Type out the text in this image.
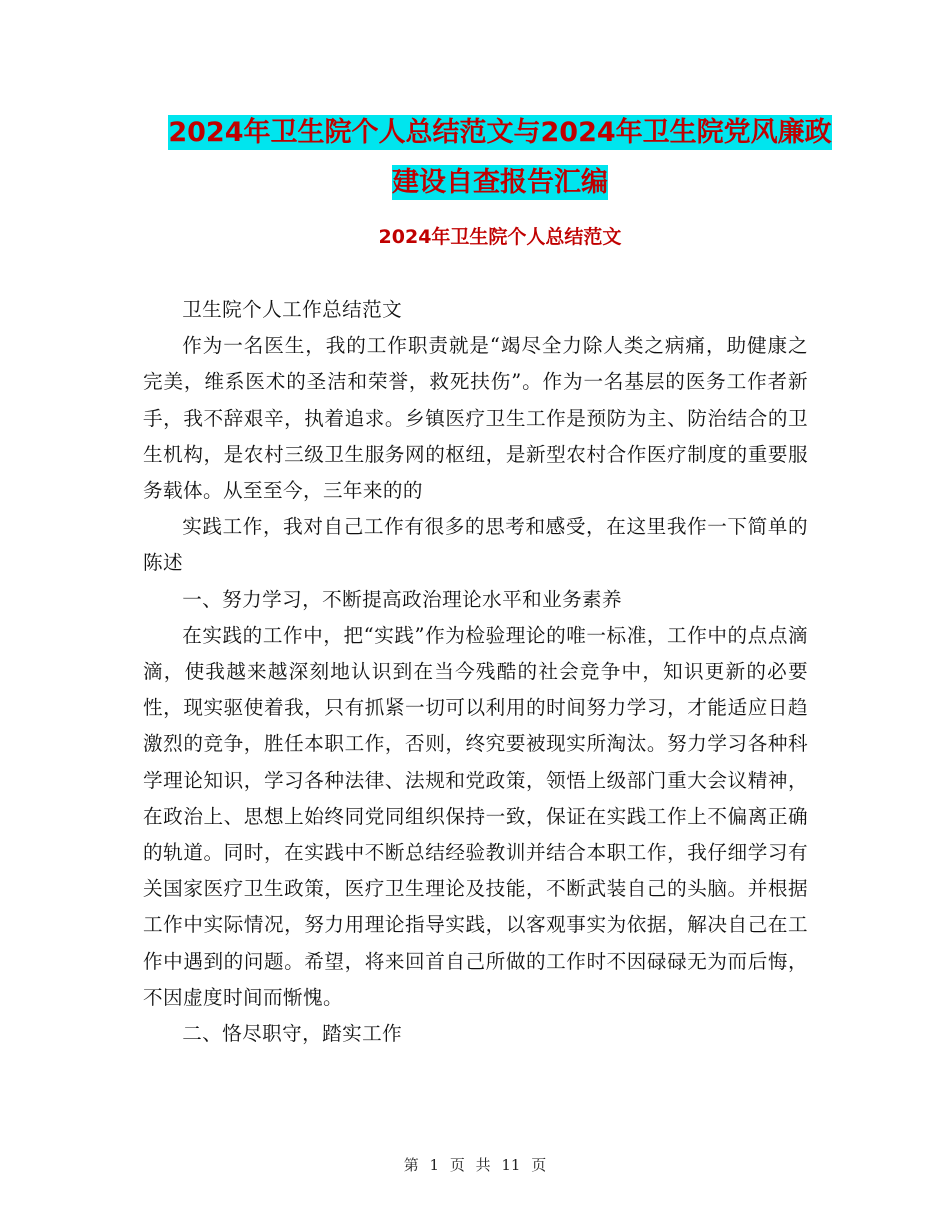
2024年卫生院个人总结范文与2024年卫生院党风廉政
建设自查报告汇编
2024年卫生院个人总结范文

卫生院个人工作总结范文

作为一名医生，我的工作职责就是“竭尽全力除人类之病痛，助健康之完美，维系医术的圣洁和荣誉，救死扶伤”。作为一名基层的医务工作者新手，我不辞艰辛，执着追求。乡镇医疗卫生工作是预防为主、防治结合的卫生机构，是农村三级卫生服务网的枢纽，是新型农村合作医疗制度的重要服务载体。从至至今，三年来的的

实践工作，我对自己工作有很多的思考和感受，在这里我作一下简单的陈述

一、努力学习，不断提高政治理论水平和业务素养

在实践的工作中，把“实践”作为检验理论的唯一标准，工作中的点点滴滴，使我越来越深刻地认识到在当今残酷的社会竞争中，知识更新的必要性，现实驱使着我，只有抓紧一切可以利用的时间努力学习，才能适应日趋激烈的竞争，胜任本职工作，否则，终究要被现实所淘汰。努力学习各种科学理论知识，学习各种法律、法规和党政策，领悟上级部门重大会议精神，在政治上、思想上始终同党同组织保持一致，保证在实践工作上不偏离正确的轨道。同时，在实践中不断总结经验教训并结合本职工作，我仔细学习有关国家医疗卫生政策，医疗卫生理论及技能，不断武装自己的头脑。并根据工作中实际情况，努力用理论指导实践，以客观事实为依据，解决自己在工作中遇到的问题。希望，将来回首自己所做的工作时不因碌碌无为而后悔，不因虚度时间而惭愧。

二、恪尽职守，踏实工作

第 1 页 共 11 页
